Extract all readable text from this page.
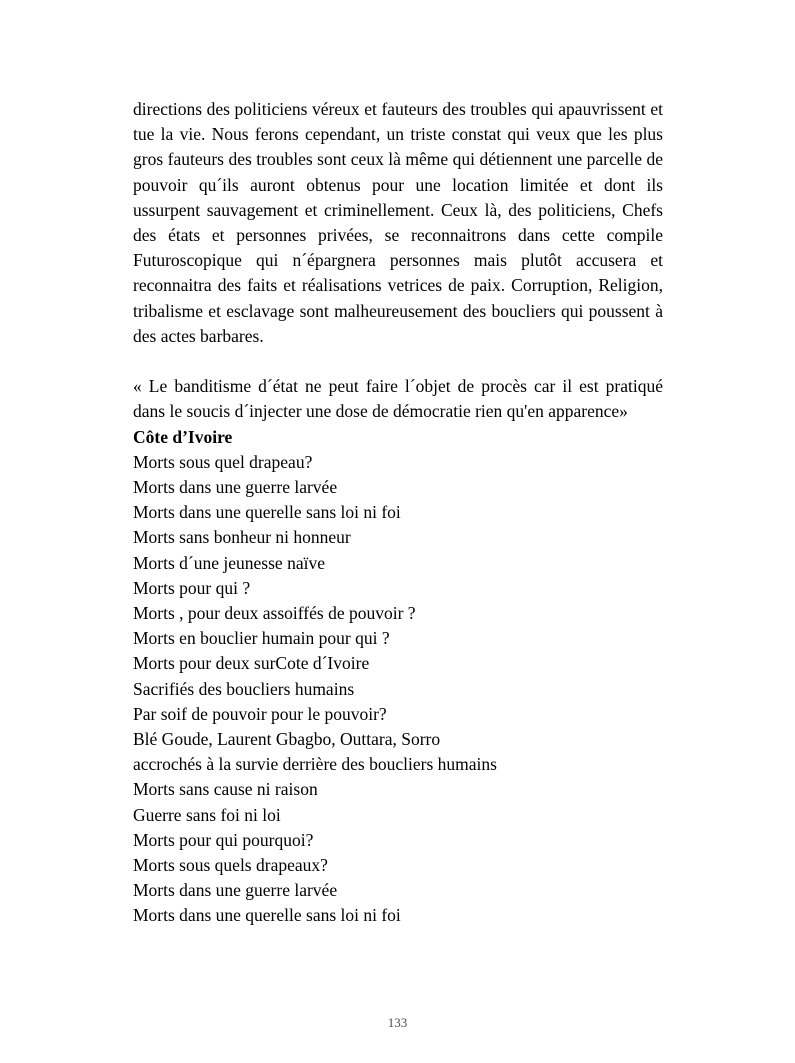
directions des politiciens véreux et fauteurs des troubles qui apauvrissent et tue la vie. Nous ferons cependant, un triste constat qui veux que les plus gros fauteurs des troubles sont ceux là même qui détiennent une parcelle de pouvoir qu´ils auront obtenus pour une location limitée et dont ils ussurpent sauvagement et criminellement. Ceux là, des politiciens, Chefs des états et personnes privées, se reconnaitrons dans cette compile Futuroscopique qui n´épargnera personnes mais plutôt accusera et reconnaitra des faits et réalisations vetrices de paix. Corruption, Religion, tribalisme et esclavage sont malheureusement des boucliers qui poussent à des actes barbares.

« Le banditisme d´état ne peut faire l´objet de procès car il est pratiqué dans le soucis d´injecter une dose de démocratie rien qu'en apparence»

Côte d’Ivoire
Morts sous quel drapeau?
Morts dans une guerre larvée
Morts dans une querelle sans loi ni foi
Morts sans bonheur ni honneur
Morts d´une jeunesse naïve
Morts pour qui ?
Morts , pour deux assoiffés de pouvoir ?
Morts en bouclier humain pour qui ?
Morts pour deux surCote d´Ivoire
Sacrifiés des boucliers humains
Par soif de pouvoir pour le pouvoir?
Blé Goude, Laurent Gbagbo, Outtara, Sorro
accrochés à la survie derrière des boucliers humains
Morts sans cause ni raison
Guerre sans foi ni loi
Morts pour qui pourquoi?
Morts sous quels drapeaux?
Morts dans une guerre larvée
Morts dans une querelle sans loi ni foi
133
